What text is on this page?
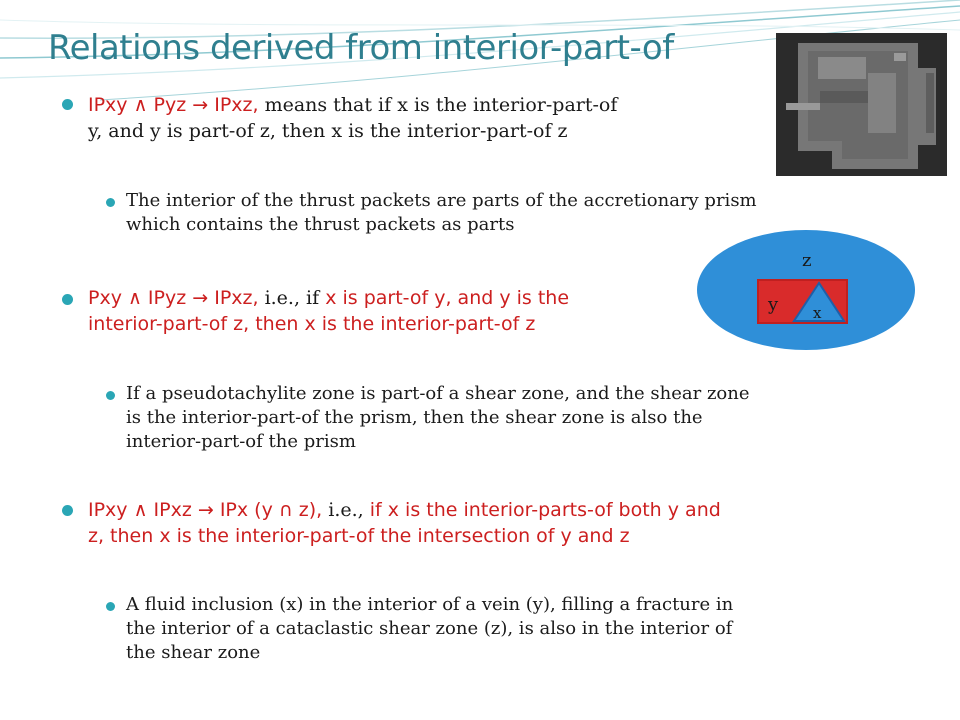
Relations derived from interior-part-of
IPxy ∧ Pyz → IPxz, means that if x is the interior-part-of
y, and y is part-of z, then x is the interior-part-of z
The interior of the thrust packets are parts of the accretionary prism
which contains the thrust packets as parts
Pxy ∧ IPyz → IPxz, i.e., if x is part-of y, and y is the
interior-part-of z, then x is the interior-part-of z
If a pseudotachylite zone is part-of a shear zone, and the shear zone
is the interior-part-of the prism, then the shear zone is also the
interior-part-of the prism
IPxy ∧ IPxz → IPx (y ∩ z), i.e., if x is the interior-parts-of both y and
z, then x is the interior-part-of the intersection of y and z
A fluid inclusion (x) in the interior of a vein (y), filling a fracture in
the interior of a cataclastic shear zone (z), is also in the interior of
the shear zone
z
y x
